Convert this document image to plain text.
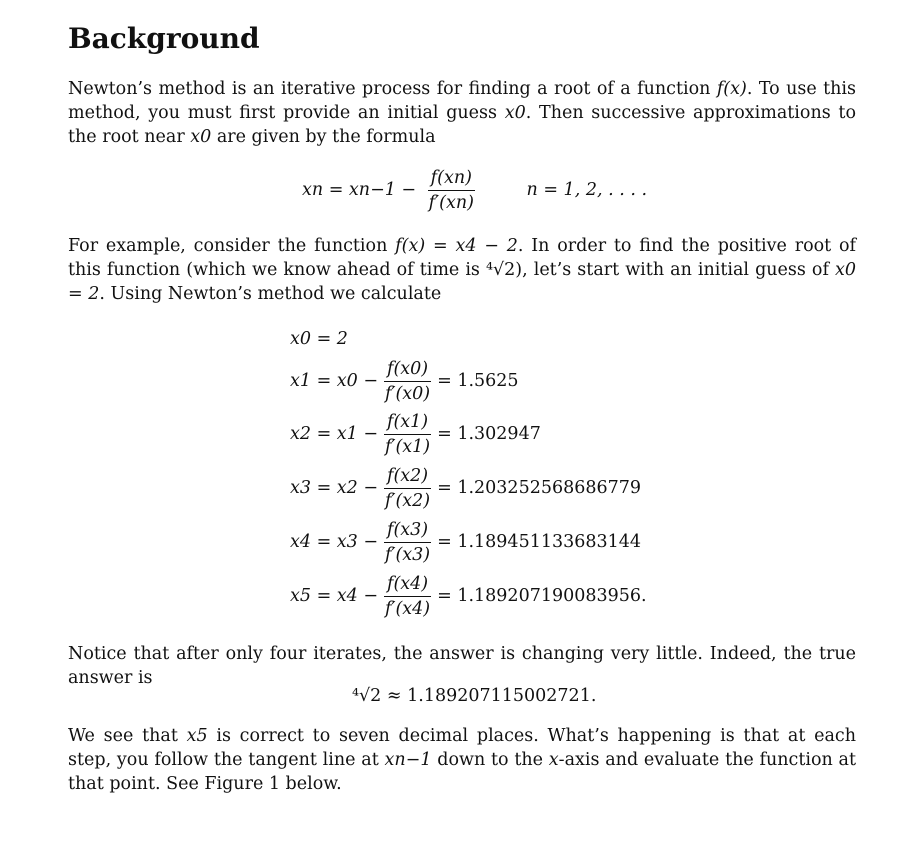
Background
Newton’s method is an iterative process for finding a root of a function f(x). To use this method, you must first provide an initial guess x0. Then successive approximations to the root near x0 are given by the formula
xn = $xn-1 - \frac{f(xn)}{f'(xn)}$	n = 1, 2, . . . .
For example, consider the function f(x) = x4 − 2. In order to find the positive root of this function (which we know ahead of time is ⁴√2), let’s start with an initial guess of x0 = 2. Using Newton’s method we calculate
x0 = 2
$x1 = x0 - \frac{f(x0)}{f'(x0)} = 1.5625$
$x2 = x1 - \frac{f(x1)}{f'(x1)} = 1.302947$
$x3 = x2 - \frac{f(x2)}{f'(x2)} = 1.203252568686779$
$x4 = x3 - \frac{f(x3)}{f'(x3)} = 1.189451133683144$
$x5 = x4 - \frac{f(x4)}{f'(x4)} = 1.189207190083956$.
Notice that after only four iterates, the answer is changing very little. Indeed, the true answer is
⁴√2 ≈ 1.189207115002721.
We see that x5 is correct to seven decimal places. What’s happening is that at each step, you follow the tangent line at xn−1 down to the x-axis and evaluate the function at that point. See Figure 1 below.
